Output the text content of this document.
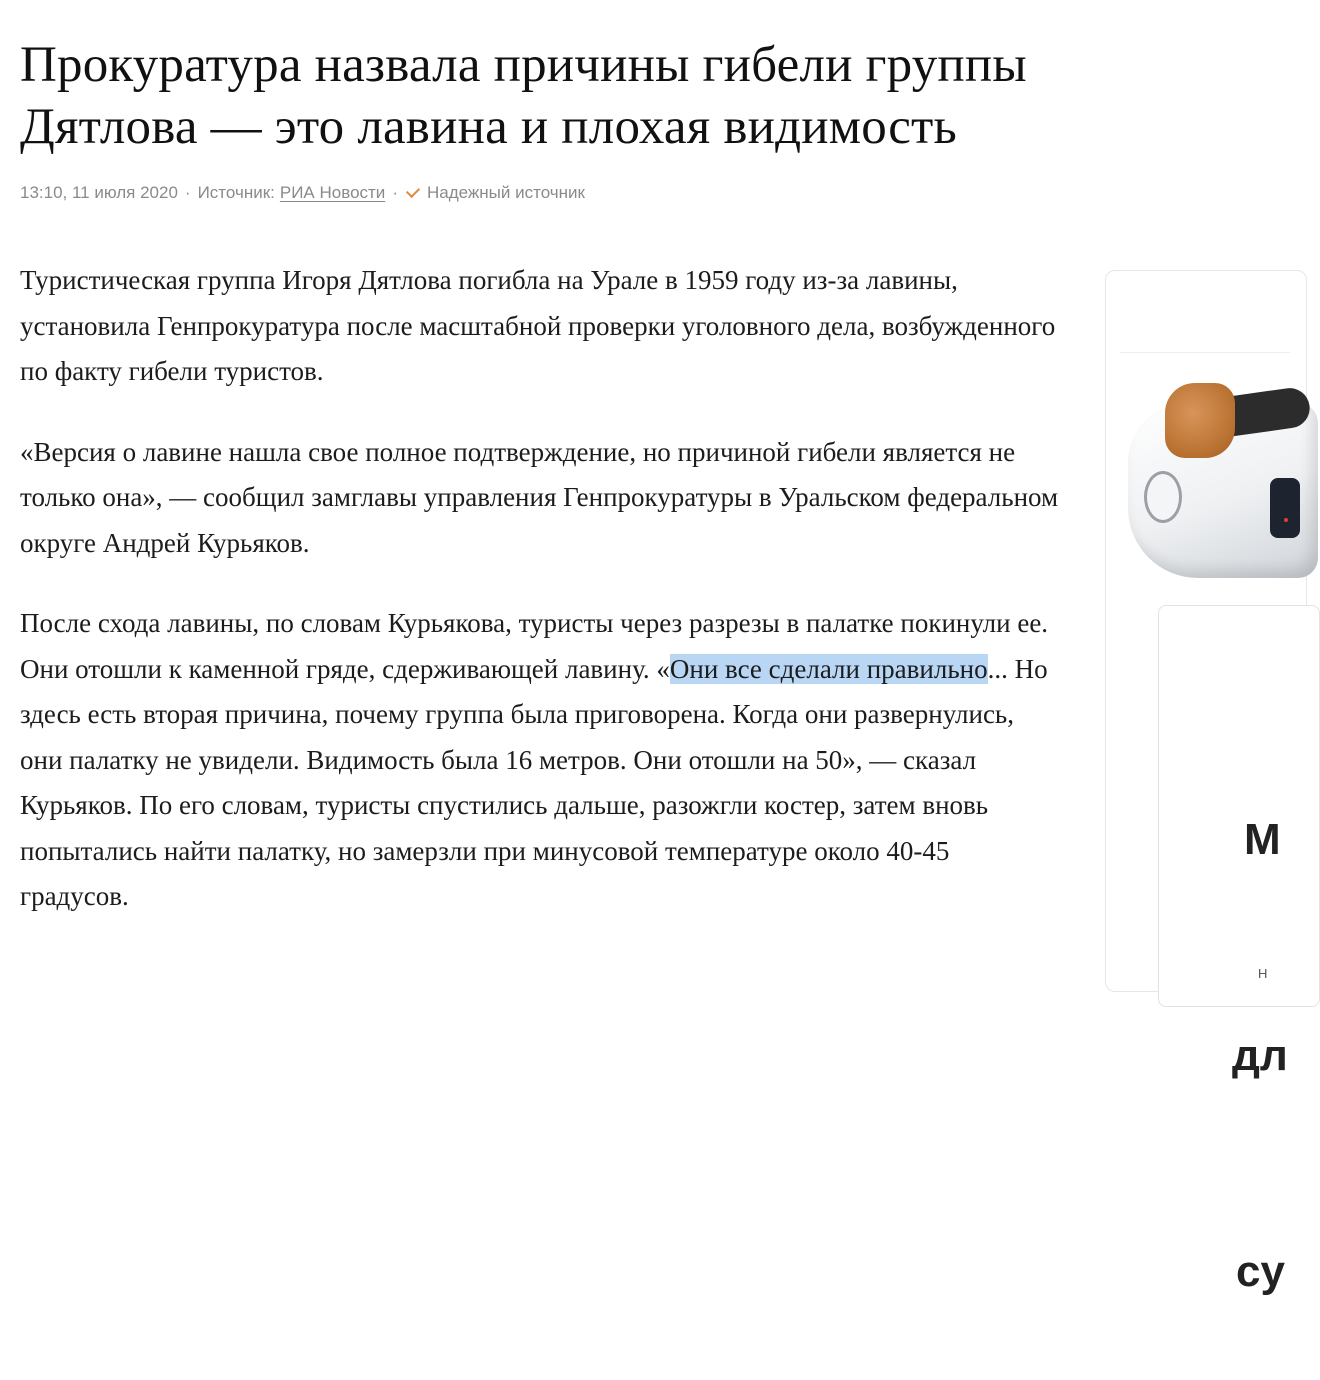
Прокуратура назвала причины гибели группы
Дятлова — это лавина и плохая видимость
13:10, 11 июля 2020 · Источник: РИА Новости · Надежный источник

Туристическая группа Игоря Дятлова погибла на Урале в 1959 году из-за лавины, установила Генпрокуратура после масштабной проверки уголовного дела, возбужденного по факту гибели туристов.

«Версия о лавине нашла свое полное подтверждение, но причиной гибели является не только она», — сообщил замглавы управления Генпрокуратуры в Уральском федеральном округе Андрей Курьяков.

После схода лавины, по словам Курьякова, туристы через разрезы в палатке покинули ее. Они отошли к каменной гряде, сдерживающей лавину. «Они все сделали правильно... Но здесь есть вторая причина, почему группа была приговорена. Когда они развернулись, они палатку не увидели. Видимость была 16 метров. Они отошли на 50», — сказал Курьяков. По его словам, туристы спустились дальше, разожгли костер, затем вновь попытались найти палатку, но замерзли при минусовой температуре около 40-45 градусов.

М

дл

су

Н
